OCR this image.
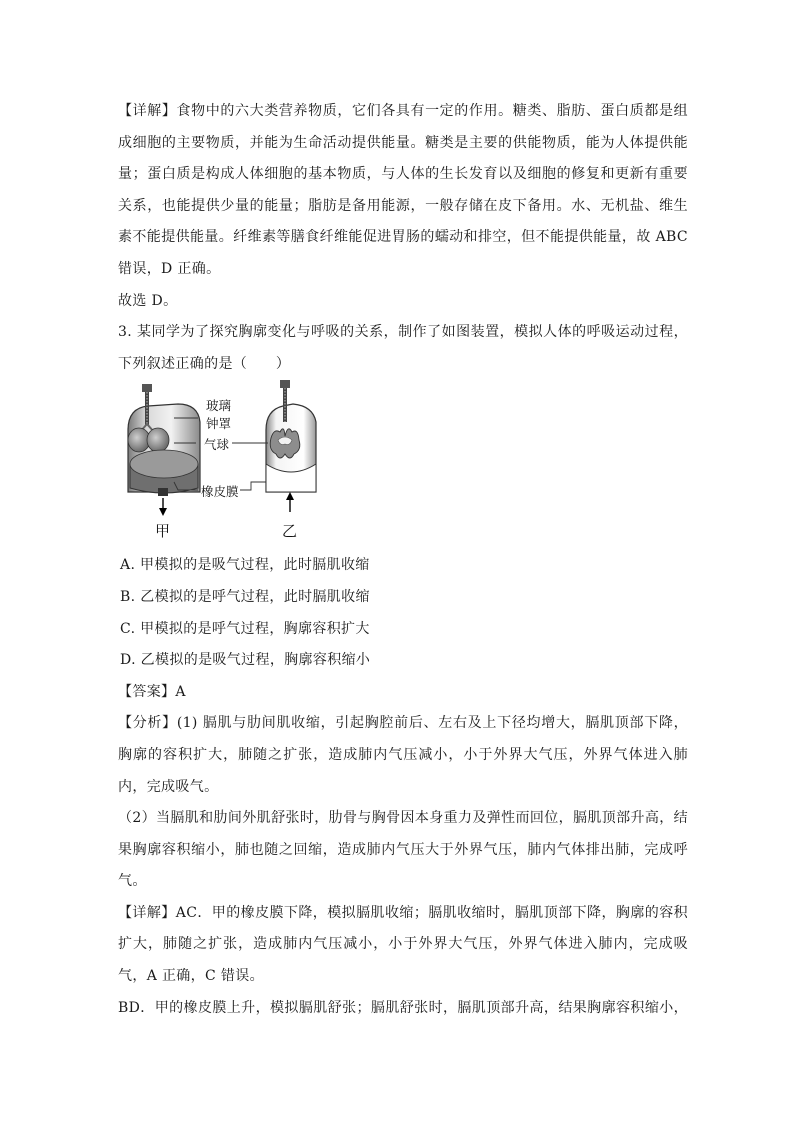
【详解】食物中的六大类营养物质，它们各具有一定的作用。糖类、脂肪、蛋白质都是组
成细胞的主要物质，并能为生命活动提供能量。糖类是主要的供能物质，能为人体提供能
量；蛋白质是构成人体细胞的基本物质，与人体的生长发育以及细胞的修复和更新有重要
关系，也能提供少量的能量；脂肪是备用能源，一般存储在皮下备用。水、无机盐、维生
素不能提供能量。纤维素等膳食纤维能促进胃肠的蠕动和排空，但不能提供能量，故 ABC
错误，D 正确。
故选 D。
3. 某同学为了探究胸廓变化与呼吸的关系，制作了如图装置，模拟人体的呼吸运动过程，
下列叙述正确的是（　　）
玻璃
钟罩
气球
橡皮膜
甲	乙
A. 甲模拟的是吸气过程，此时膈肌收缩
B. 乙模拟的是呼气过程，此时膈肌收缩
C. 甲模拟的是呼气过程，胸廓容积扩大
D. 乙模拟的是吸气过程，胸廓容积缩小
【答案】A
【分析】(1) 膈肌与肋间肌收缩，引起胸腔前后、左右及上下径均增大，膈肌顶部下降，
胸廓的容积扩大，肺随之扩张，造成肺内气压减小，小于外界大气压，外界气体进入肺
内，完成吸气。
（2）当膈肌和肋间外肌舒张时，肋骨与胸骨因本身重力及弹性而回位，膈肌顶部升高，结
果胸廓容积缩小，肺也随之回缩，造成肺内气压大于外界气压，肺内气体排出肺，完成呼
气。
【详解】AC．甲的橡皮膜下降，模拟膈肌收缩；膈肌收缩时，膈肌顶部下降，胸廓的容积
扩大，肺随之扩张，造成肺内气压减小，小于外界大气压，外界气体进入肺内，完成吸
气，A 正确，C 错误。
BD．甲的橡皮膜上升，模拟膈肌舒张；膈肌舒张时，膈肌顶部升高，结果胸廓容积缩小，
